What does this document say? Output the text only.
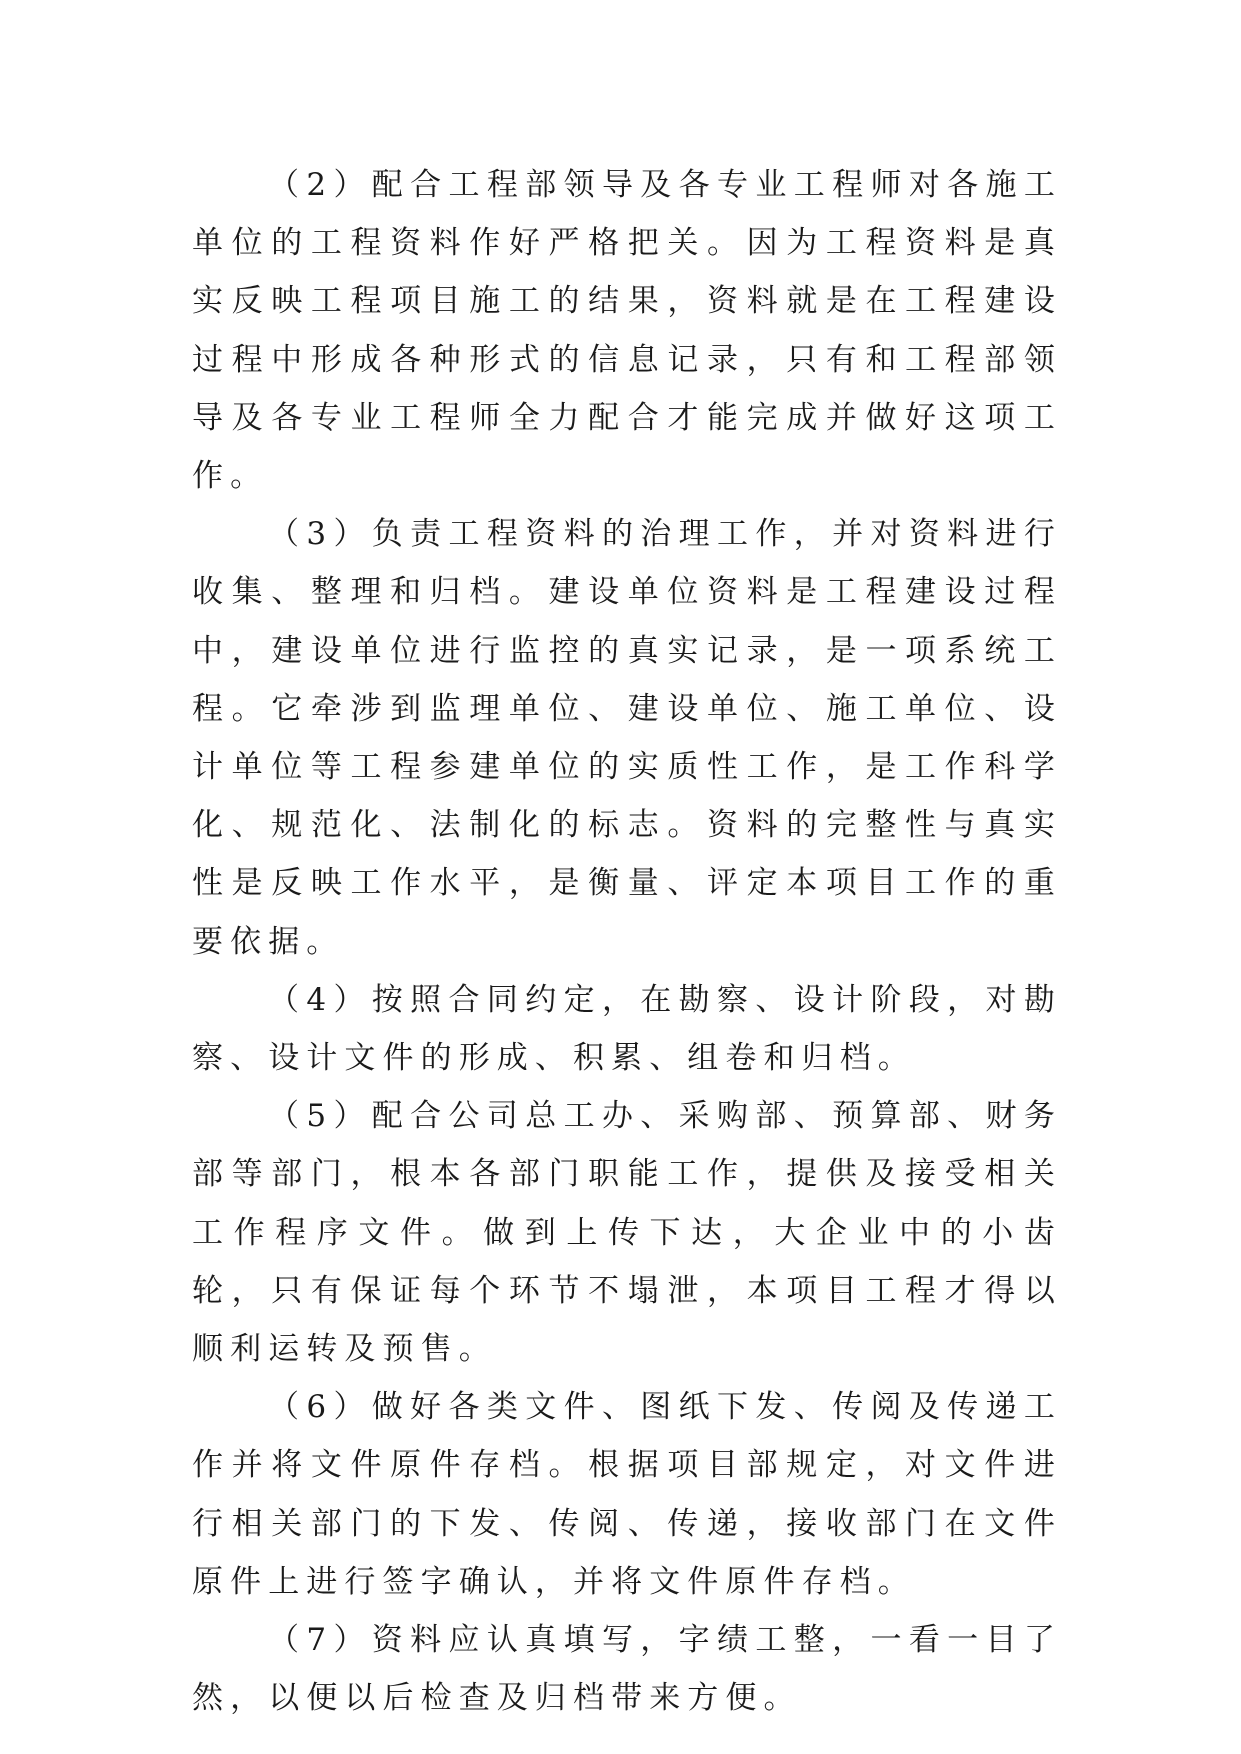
（2）配合工程部领导及各专业工程师对各施工单位的工程资料作好严格把关。因为工程资料是真实反映工程项目施工的结果，资料就是在工程建设过程中形成各种形式的信息记录，只有和工程部领导及各专业工程师全力配合才能完成并做好这项工作。

（3）负责工程资料的治理工作，并对资料进行收集、整理和归档。建设单位资料是工程建设过程中，建设单位进行监控的真实记录，是一项系统工程。它牵涉到监理单位、建设单位、施工单位、设计单位等工程参建单位的实质性工作，是工作科学化、规范化、法制化的标志。资料的完整性与真实性是反映工作水平，是衡量、评定本项目工作的重要依据。

（4）按照合同约定，在勘察、设计阶段，对勘察、设计文件的形成、积累、组卷和归档。

（5）配合公司总工办、采购部、预算部、财务部等部门，根本各部门职能工作，提供及接受相关工作程序文件。做到上传下达，大企业中的小齿轮，只有保证每个环节不塌泄，本项目工程才得以顺利运转及预售。

（6）做好各类文件、图纸下发、传阅及传递工作并将文件原件存档。根据项目部规定，对文件进行相关部门的下发、传阅、传递，接收部门在文件原件上进行签字确认，并将文件原件存档。

（7）资料应认真填写，字绩工整，一看一目了然，以便以后检查及归档带来方便。
